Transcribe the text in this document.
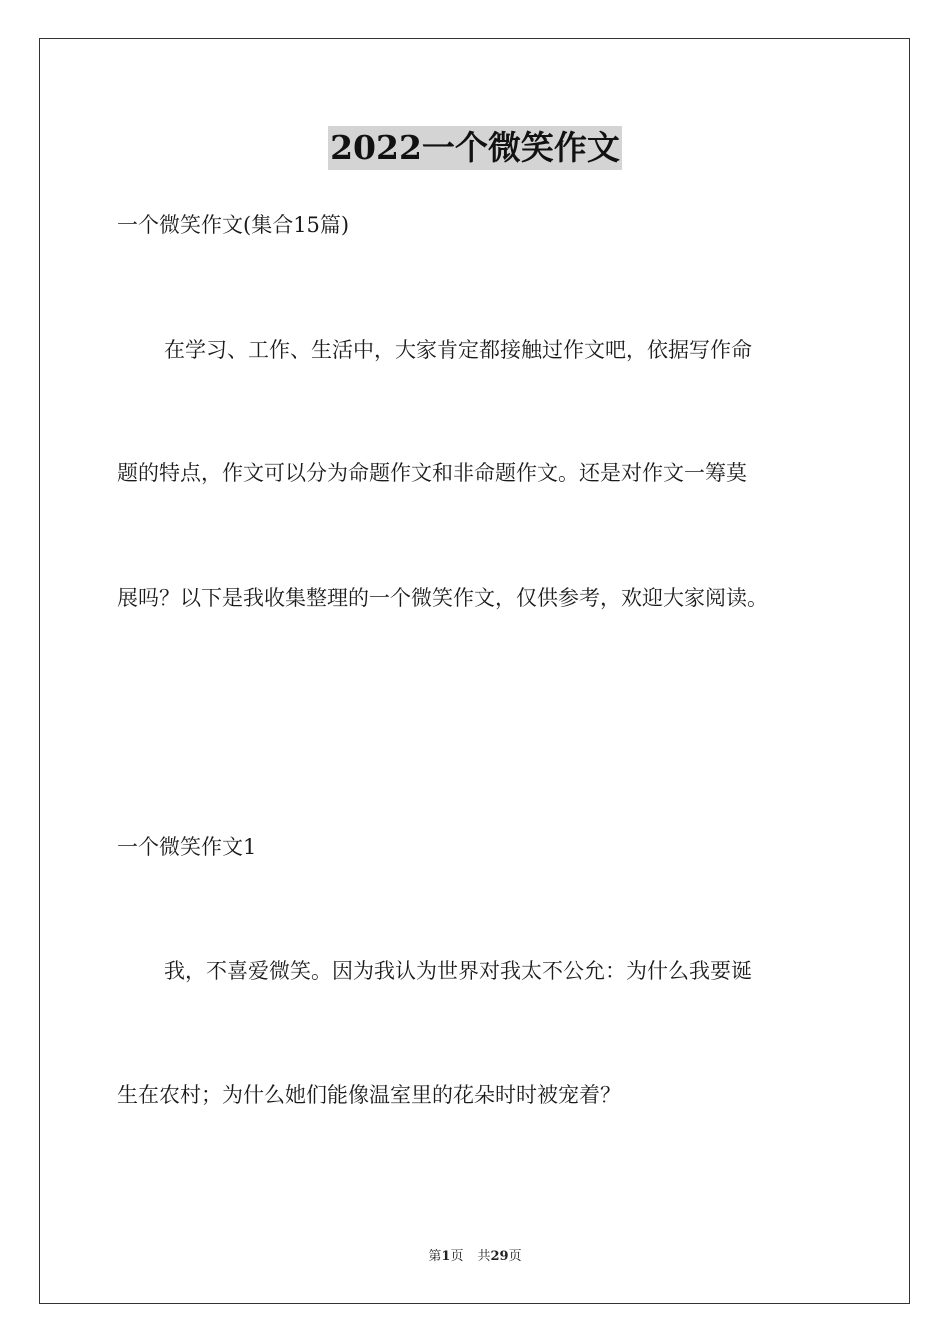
2022一个微笑作文
一个微笑作文(集合15篇)
在学习、工作、生活中，大家肯定都接触过作文吧，依据写作命
题的特点，作文可以分为命题作文和非命题作文。还是对作文一筹莫
展吗？以下是我收集整理的一个微笑作文，仅供参考，欢迎大家阅读。
一个微笑作文1
我，不喜爱微笑。因为我认为世界对我太不公允：为什么我要诞
生在农村；为什么她们能像温室里的花朵时时被宠着？
第1页 共29页
